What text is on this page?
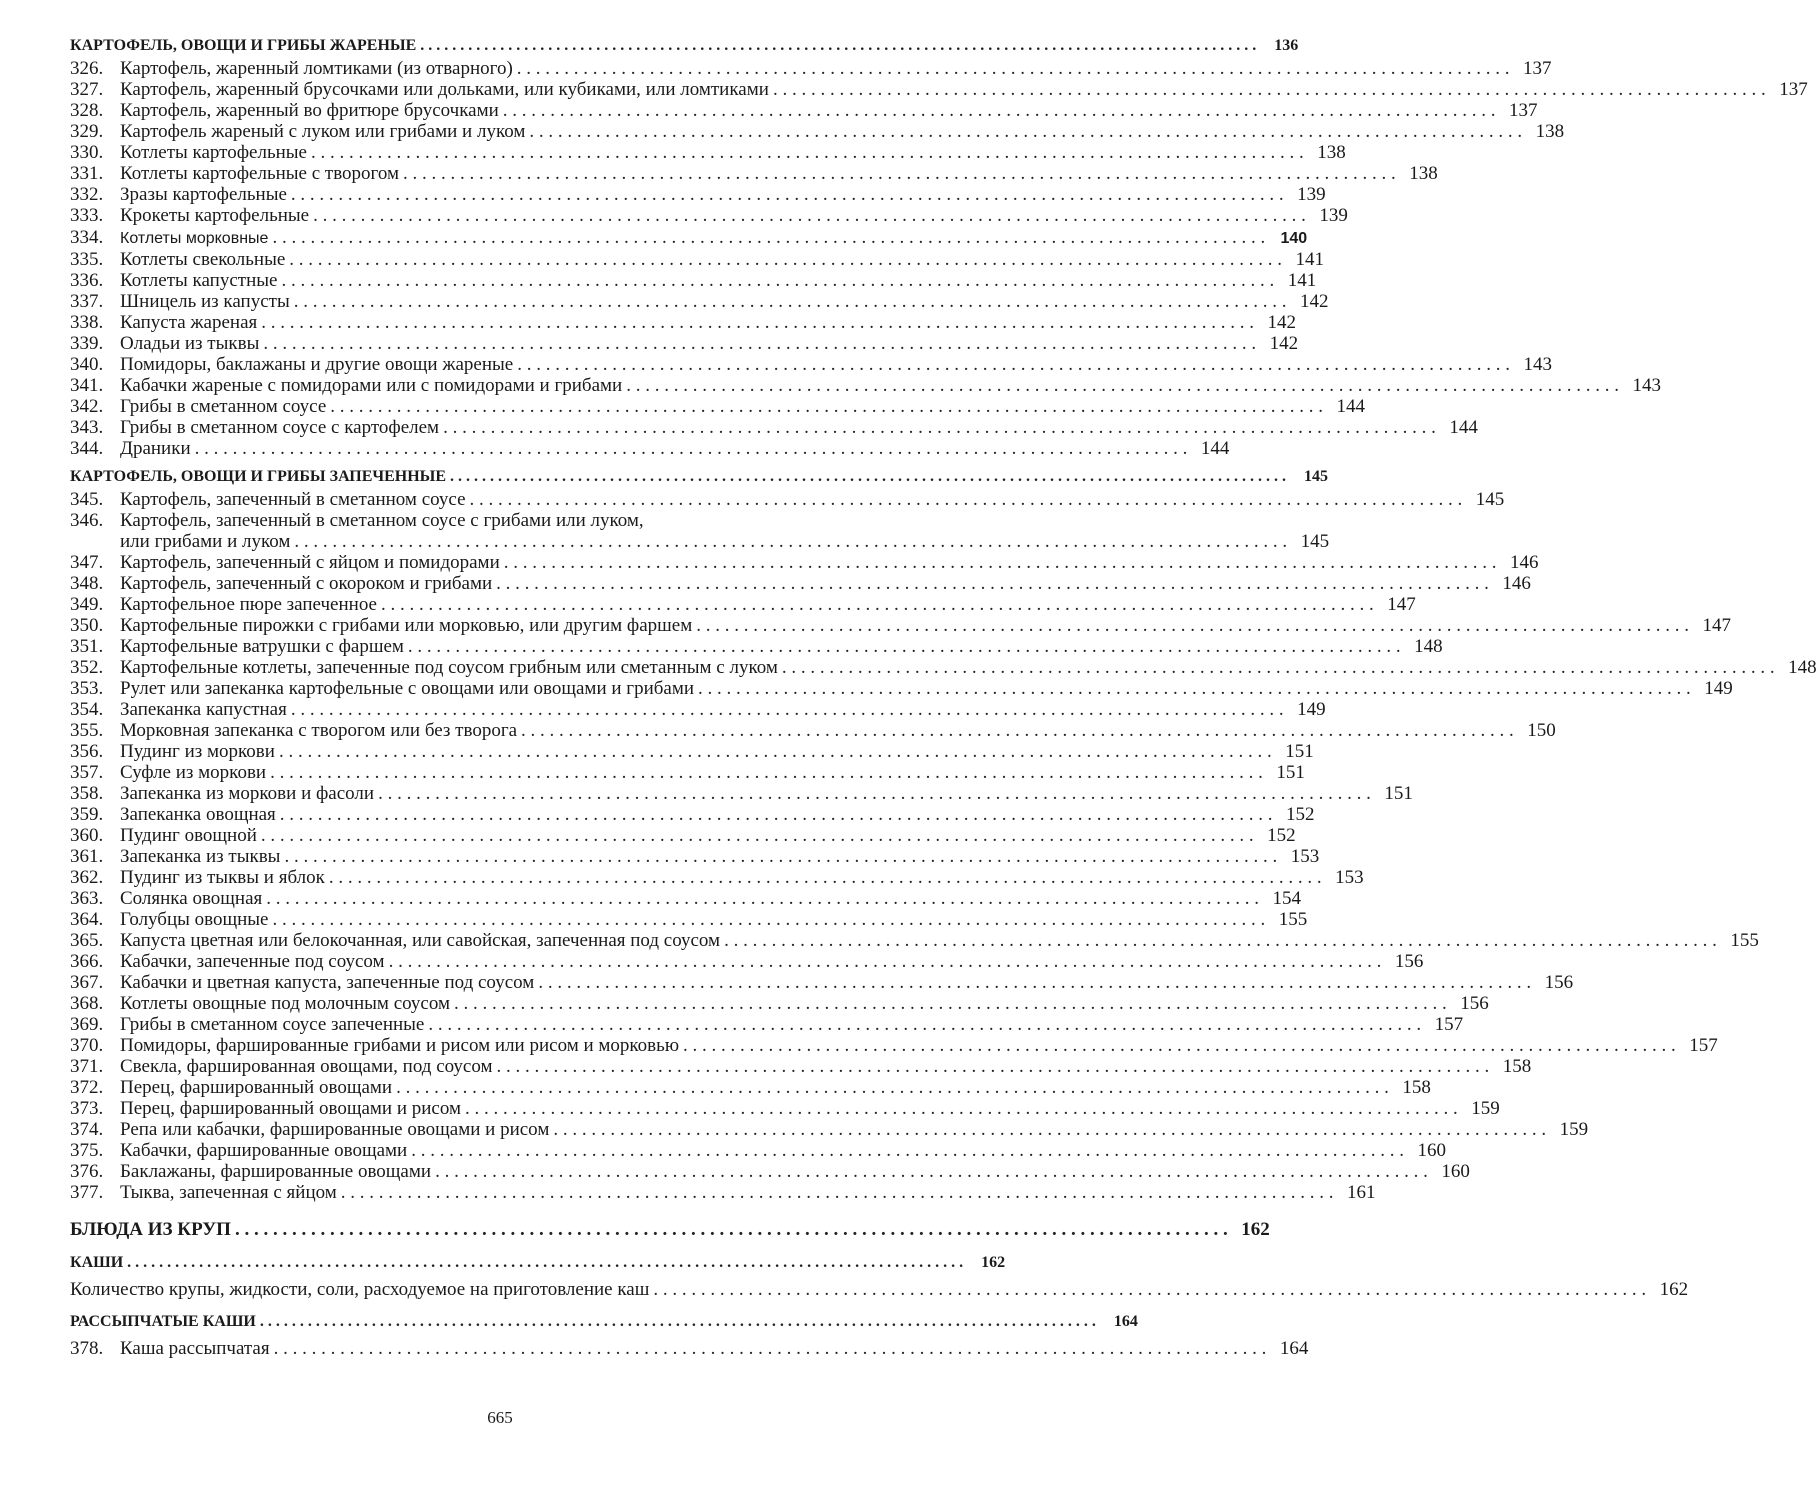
КАРТОФЕЛЬ, ОВОЩИ И ГРИБЫ ЖАРЕНЫЕ . . .	136
326. Картофель, жаренный ломтиками (из отварного) . . .	137
327. Картофель, жаренный брусочками или дольками, или кубиками, или ломтиками . . .	137
328. Картофель, жаренный во фритюре брусочками . . .	137
329. Картофель жареный с луком или грибами и луком . . .	138
330. Котлеты картофельные . . .	138
331. Котлеты картофельные с творогом . . .	138
332. Зразы картофельные . . .	139
333. Крокеты картофельные . . .	139
334.	Котлеты морковные . . .	140
335. Котлеты свекольные . . .	141
336. Котлеты капустные . . .	141
337. Шницель из капусты . . .	142
338. Капуста жареная . . .	142
339. Оладьи из тыквы . . .	142
340. Помидоры, баклажаны и другие овощи жареные . . .	143
341. Кабачки жареные с помидорами или с помидорами и грибами . . .	143
342. Грибы в сметанном соусе . . .	144
343. Грибы в сметанном соусе с картофелем . . .	144
344. Драники . . .	144
КАРТОФЕЛЬ, ОВОЩИ И ГРИБЫ ЗАПЕЧЕННЫЕ . . .	145
345. Картофель, запеченный в сметанном соусе . . .	145
346. Картофель, запеченный в сметанном соусе с грибами или луком,
или грибами и луком . . .	145
347. Картофель, запеченный с яйцом и помидорами . . .	146
348. Картофель, запеченный с окороком и грибами . . .	146
349. Картофельное пюре запеченное . . .	147
350. Картофельные пирожки с грибами или морковью, или другим фаршем . . .	147
351. Картофельные ватрушки с фаршем . . .	148
352. Картофельные котлеты, запеченные под соусом грибным или сметанным с луком . . .	148
353. Рулет или запеканка картофельные с овощами или овощами и грибами . . .	149
354. Запеканка капустная . . .	149
355. Морковная запеканка с творогом или без творога . . .	150
356. Пудинг из моркови . . .	151
357. Суфле из моркови . . .	151
358. Запеканка из моркови и фасоли . . .	151
359. Запеканка овощная . . .	152
360. Пудинг овощной . . .	152
361. Запеканка из тыквы . . .	153
362. Пудинг из тыквы и яблок . . .	153
363. Солянка овощная . . .	154
364. Голубцы овощные . . .	155
365. Капуста цветная или белокочанная, или савойская, запеченная под соусом . . .	155
366. Кабачки, запеченные под соусом . . .	156
367. Кабачки и цветная капуста, запеченные под соусом . . .	156
368. Котлеты овощные под молочным соусом . . .	156
369. Грибы в сметанном соусе запеченные . . .	157
370. Помидоры, фаршированные грибами и рисом или рисом и морковью . . .	157
371. Свекла, фаршированная овощами, под соусом . . .	158
372. Перец, фаршированный овощами . . .	158
373. Перец, фаршированный овощами и рисом . . .	159
374. Репа или кабачки, фаршированные овощами и рисом . . .	159
375. Кабачки, фаршированные овощами . . .	160
376. Баклажаны, фаршированные овощами . . .	160
377. Тыква, запеченная с яйцом . . .	161
БЛЮДА ИЗ КРУП . . .	162
КАШИ . . .	162
Количество крупы, жидкости, соли, расходуемое на приготовление каш . . .	162
РАССЫПЧАТЫЕ КАШИ . . .	164
378. Каша рассыпчатая . . .	164
665
